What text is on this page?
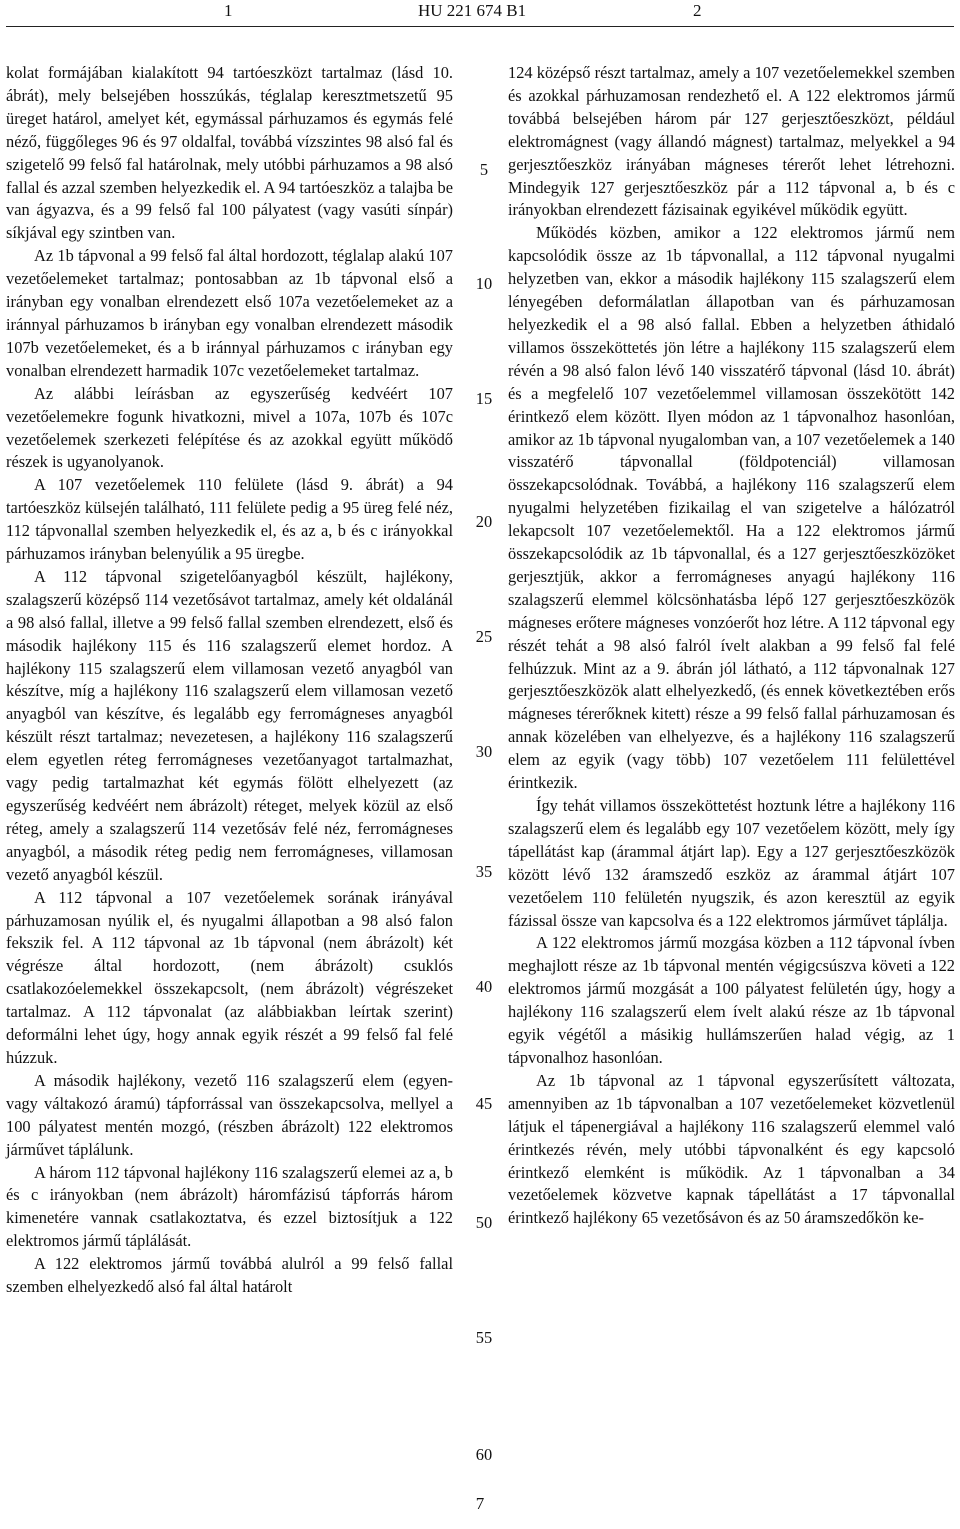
1	HU 221 674 B1	2

kolat formájában kialakított 94 tartóeszközt tartalmaz (lásd 10. ábrát), mely belsejében hosszúkás, téglalap keresztmetszetű 95 üreget határol, amelyet két, egymással párhuzamos és egymás felé néző, függőleges 96 és 97 oldalfal, továbbá vízszintes 98 alsó fal és szigetelő 99 felső fal határolnak, mely utóbbi párhuzamos a 98 alsó fallal és azzal szemben helyezkedik el. A 94 tartóeszköz a talajba be van ágyazva, és a 99 felső fal 100 pályatest (vagy vasúti sínpár) síkjával egy szintben van.

Az 1b tápvonal a 99 felső fal által hordozott, téglalap alakú 107 vezetőelemeket tartalmaz; pontosabban az 1b tápvonal első a irányban egy vonalban elrendezett első 107a vezetőelemeket az a iránnyal párhuzamos b irányban egy vonalban elrendezett második 107b vezetőelemeket, és a b iránnyal párhuzamos c irányban egy vonalban elrendezett harmadik 107c vezetőelemeket tartalmaz.

Az alábbi leírásban az egyszerűség kedvéért 107 vezetőelemekre fogunk hivatkozni, mivel a 107a, 107b és 107c vezetőelemek szerkezeti felépítése és az azokkal együtt működő részek is ugyanolyanok.

A 107 vezetőelemek 110 felülete (lásd 9. ábrát) a 94 tartóeszköz külsején található, 111 felülete pedig a 95 üreg felé néz, 112 tápvonallal szemben helyezkedik el, és az a, b és c irányokkal párhuzamos irányban belenyúlik a 95 üregbe.

A 112 tápvonal szigetelőanyagból készült, hajlékony, szalagszerű középső 114 vezetősávot tartalmaz, amely két oldalánál a 98 alsó fallal, illetve a 99 felső fallal szemben elrendezett, első és második hajlékony 115 és 116 szalagszerű elemet hordoz. A hajlékony 115 szalagszerű elem villamosan vezető anyagból van készítve, míg a hajlékony 116 szalagszerű elem villamosan vezető anyagból van készítve, és legalább egy ferromágneses anyagból készült részt tartalmaz; nevezetesen, a hajlékony 116 szalagszerű elem egyetlen réteg ferromágneses vezetőanyagot tartalmazhat, vagy pedig tartalmazhat két egymás fölött elhelyezett (az egyszerűség kedvéért nem ábrázolt) réteget, melyek közül az első réteg, amely a szalagszerű 114 vezetősáv felé néz, ferromágneses anyagból, a második réteg pedig nem ferromágneses, villamosan vezető anyagból készül.

A 112 tápvonal a 107 vezetőelemek sorának irányával párhuzamosan nyúlik el, és nyugalmi állapotban a 98 alsó falon fekszik fel. A 112 tápvonal az 1b tápvonal (nem ábrázolt) két végrésze által hordozott, (nem ábrázolt) csuklós csatlakozóelemekkel összekapcsolt, (nem ábrázolt) végrészeket tartalmaz. A 112 tápvonalat (az alábbiakban leírtak szerint) deformálni lehet úgy, hogy annak egyik részét a 99 felső fal felé húzzuk.

A második hajlékony, vezető 116 szalagszerű elem (egyen- vagy váltakozó áramú) tápforrással van összekapcsolva, mellyel a 100 pályatest mentén mozgó, (részben ábrázolt) 122 elektromos járművet táplálunk.

A három 112 tápvonal hajlékony 116 szalagszerű elemei az a, b és c irányokban (nem ábrázolt) háromfázisú tápforrás három kimenetére vannak csatlakoztatva, és ezzel biztosítjuk a 122 elektromos jármű táplálását.

A 122 elektromos jármű továbbá alulról a 99 felső fallal szemben elhelyezkedő alsó fal által határolt

124 középső részt tartalmaz, amely a 107 vezetőelemekkel szemben és azokkal párhuzamosan rendezhető el. A 122 elektromos jármű továbbá belsejében három pár 127 gerjesztőeszközt, például elektromágnest (vagy állandó mágnest) tartalmaz, melyekkel a 94 gerjesztőeszköz irányában mágneses térerőt lehet létrehozni. Mindegyik 127 gerjesztőeszköz pár a 112 tápvonal a, b és c irányokban elrendezett fázisainak egyikével működik együtt.

Működés közben, amikor a 122 elektromos jármű nem kapcsolódik össze az 1b tápvonallal, a 112 tápvonal nyugalmi helyzetben van, ekkor a második hajlékony 115 szalagszerű elem lényegében deformálatlan állapotban van és párhuzamosan helyezkedik el a 98 alsó fallal. Ebben a helyzetben áthidaló villamos összeköttetés jön létre a hajlékony 115 szalagszerű elem révén a 98 alsó falon lévő 140 visszatérő tápvonal (lásd 10. ábrát) és a megfelelő 107 vezetőelemmel villamosan összekötött 142 érintkező elem között. Ilyen módon az 1 tápvonalhoz hasonlóan, amikor az 1b tápvonal nyugalomban van, a 107 vezetőelemek a 140 visszatérő tápvonallal (földpotenciál) villamosan összekapcsolódnak. Továbbá, a hajlékony 116 szalagszerű elem nyugalmi helyzetében fizikailag el van szigetelve a hálózatról lekapcsolt 107 vezetőelemektől. Ha a 122 elektromos jármű összekapcsolódik az 1b tápvonallal, és a 127 gerjesztőeszközöket gerjesztjük, akkor a ferromágneses anyagú hajlékony 116 szalagszerű elemmel kölcsönhatásba lépő 127 gerjesztőeszközök mágneses erőtere mágneses vonzóerőt hoz létre. A 112 tápvonal egy részét tehát a 98 alsó falról ívelt alakban a 99 felső fal felé felhúzzuk. Mint az a 9. ábrán jól látható, a 112 tápvonalnak 127 gerjesztőeszközök alatt elhelyezkedő, (és ennek következtében erős mágneses térerőknek kitett) része a 99 felső fallal párhuzamosan és annak közelében van elhelyezve, és a hajlékony 116 szalagszerű elem az egyik (vagy több) 107 vezetőelem 111 felülettével érintkezik.

Így tehát villamos összeköttetést hoztunk létre a hajlékony 116 szalagszerű elem és legalább egy 107 vezetőelem között, mely így tápellátást kap (árammal átjárt lap). Egy a 127 gerjesztőeszközök között lévő 132 áramszedő eszköz az árammal átjárt 107 vezetőelem 110 felületén nyugszik, és azon keresztül az egyik fázissal össze van kapcsolva és a 122 elektromos járművet táplálja.

A 122 elektromos jármű mozgása közben a 112 tápvonal ívben meghajlott része az 1b tápvonal mentén végigcsúszva követi a 122 elektromos jármű mozgását a 100 pályatest felületén úgy, hogy a hajlékony 116 szalagszerű elem ívelt alakú része az 1b tápvonal egyik végétől a másikig hullámszerűen halad végig, az 1 tápvonalhoz hasonlóan.

Az 1b tápvonal az 1 tápvonal egyszerűsített változata, amennyiben az 1b tápvonalban a 107 vezetőelemeket közvetlenül látjuk el tápenergiával a hajlékony 116 szalagszerű elemmel való érintkezés révén, mely utóbbi tápvonalként és egy kapcsoló érintkező elemként is működik. Az 1 tápvonalban a 34 vezetőelemek közvetve kapnak tápellátást a 17 tápvonallal érintkező hajlékony 65 vezetősávon és az 50 áramszedőkön ke-

5
10
15
20
25
30
35
40
45
50
55
60
7
